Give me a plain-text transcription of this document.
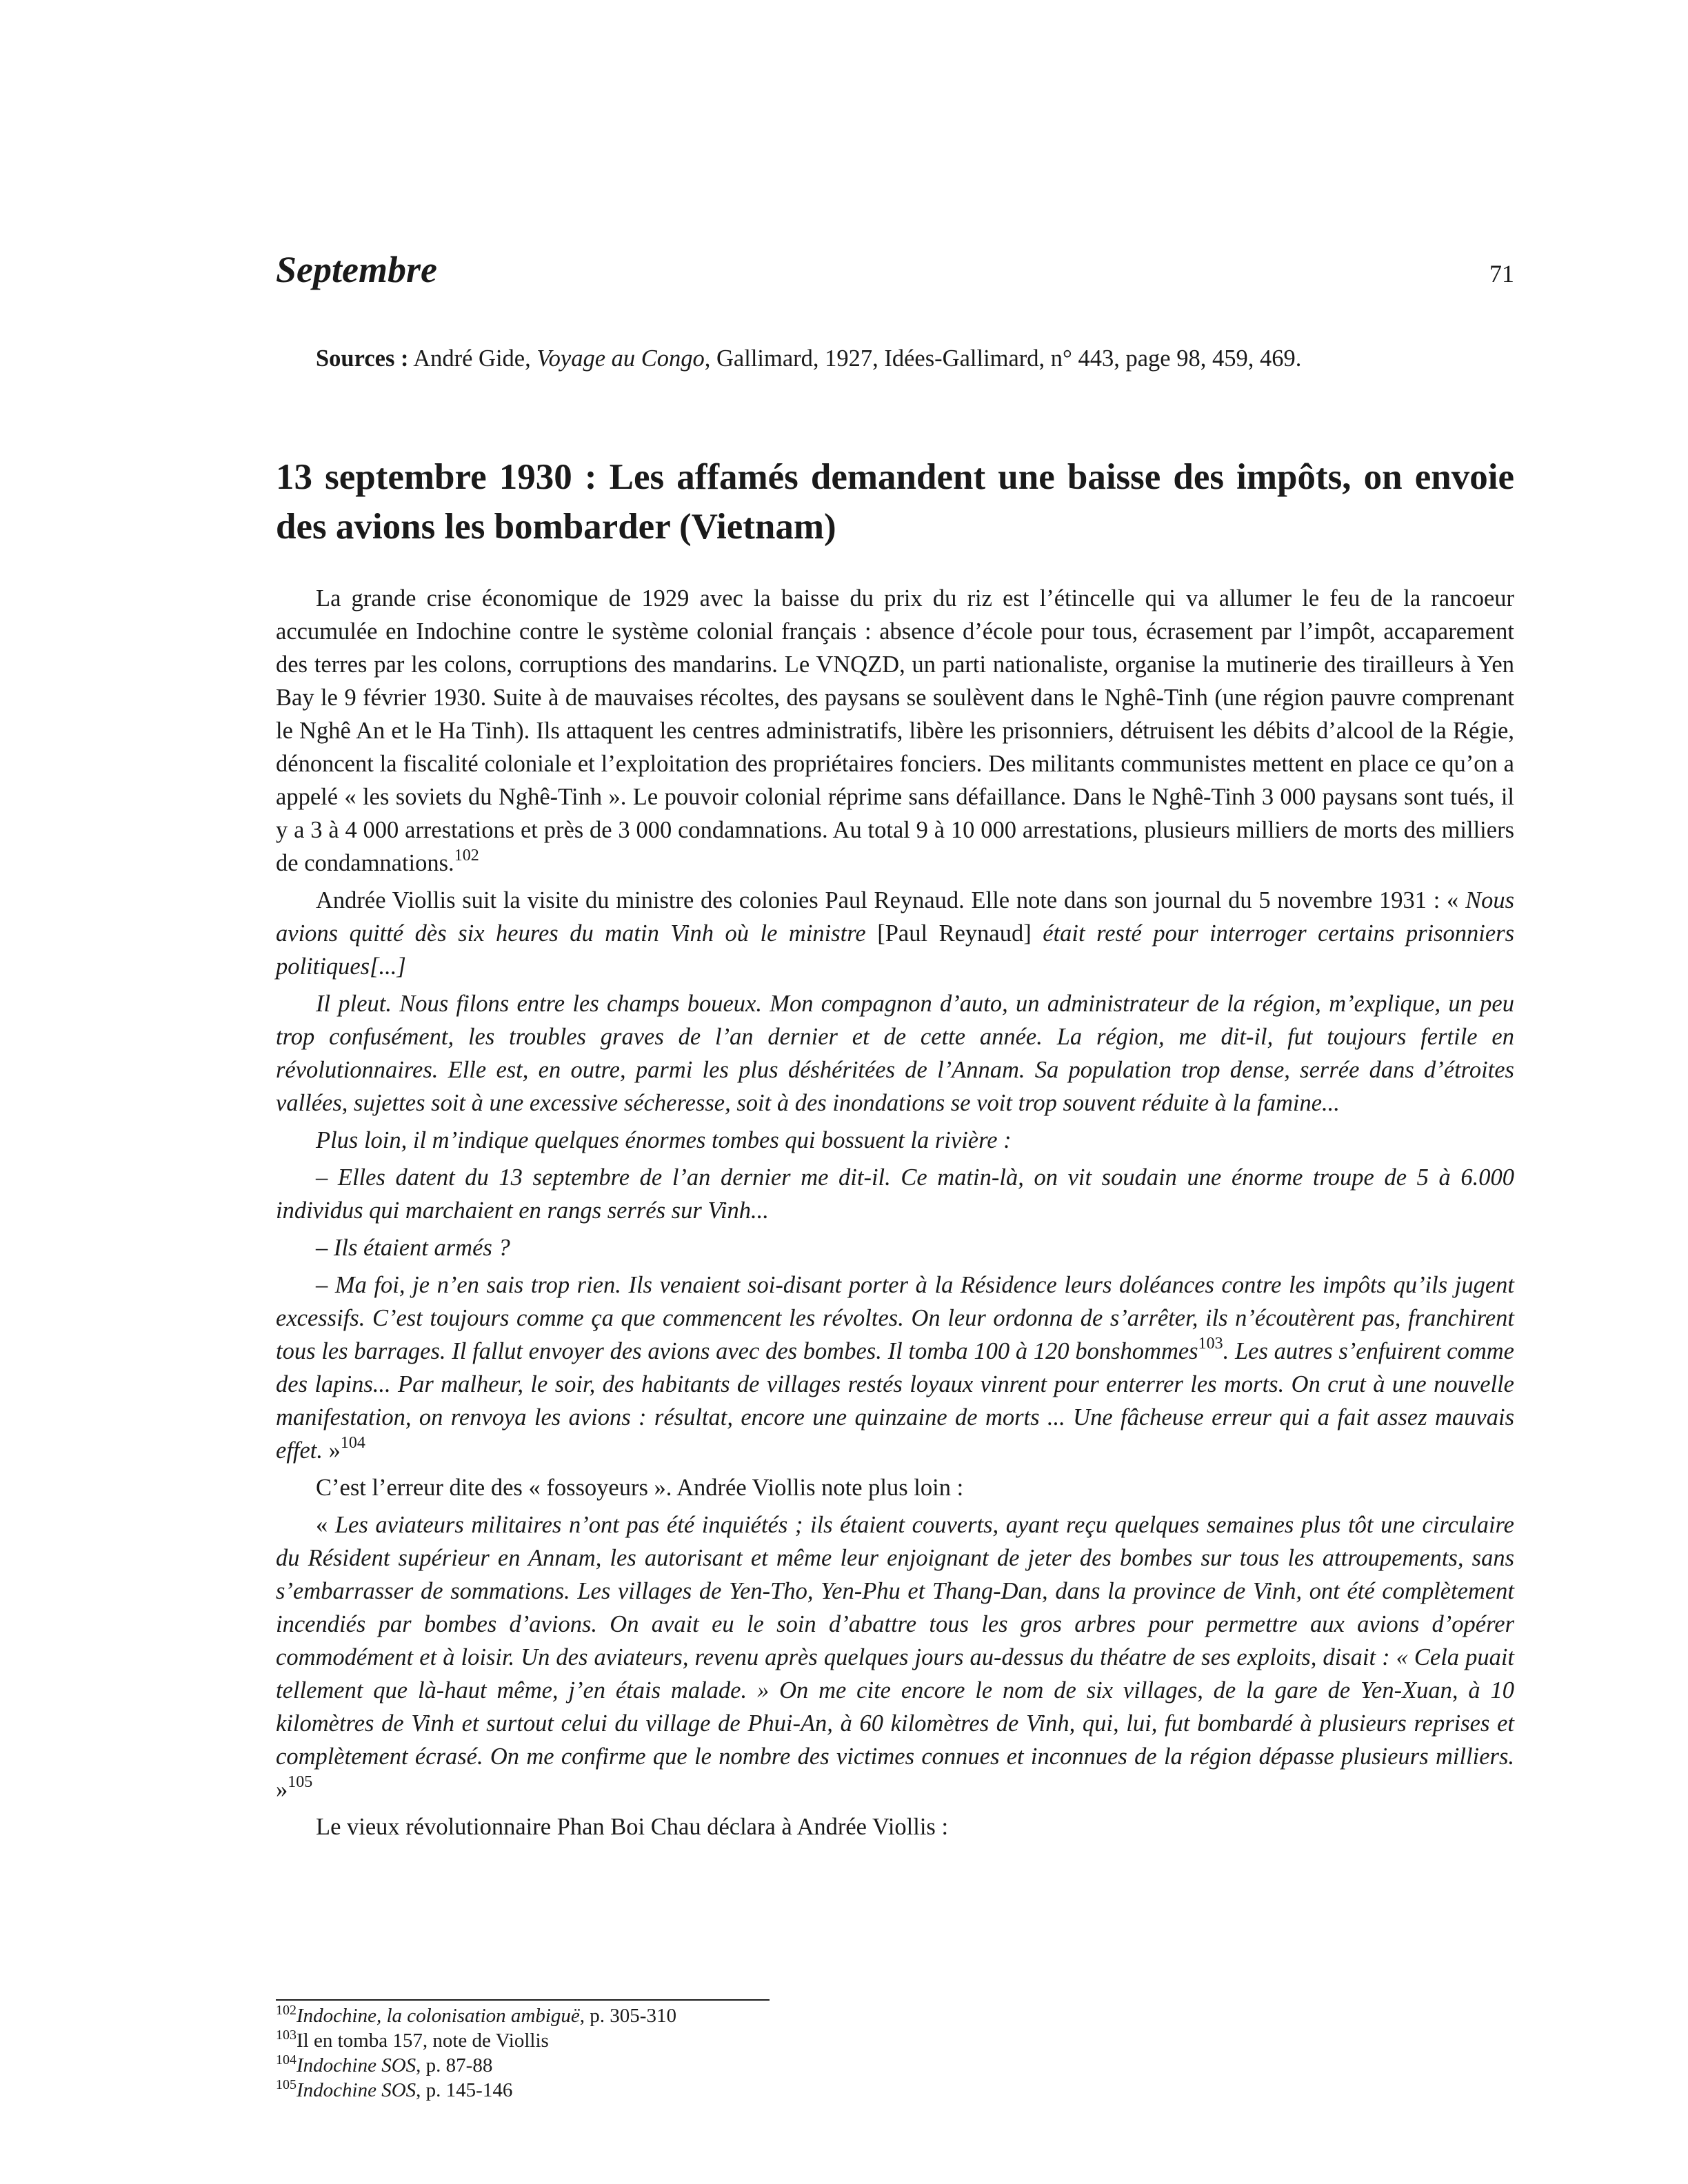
Septembre	71

Sources : André Gide, Voyage au Congo, Gallimard, 1927, Idées-Gallimard, n° 443, page 98, 459, 469.

13 septembre 1930 : Les affamés demandent une baisse des impôts, on envoie des avions les bombarder (Vietnam)

La grande crise économique de 1929 avec la baisse du prix du riz est l’étincelle qui va allumer le feu de la rancoeur accumulée en Indochine contre le système colonial français : absence d’école pour tous, écrasement par l’impôt, accaparement des terres par les colons, corruptions des mandarins. Le VNQZD, un parti nationaliste, organise la mutinerie des tirailleurs à Yen Bay le 9 février 1930. Suite à de mauvaises récoltes, des paysans se soulèvent dans le Nghê-Tinh (une région pauvre comprenant le Nghê An et le Ha Tinh). Ils attaquent les centres administratifs, libère les prisonniers, détruisent les débits d’alcool de la Régie, dénoncent la fiscalité coloniale et l’exploitation des propriétaires fonciers. Des militants communistes mettent en place ce qu’on a appelé « les soviets du Nghê-Tinh ». Le pouvoir colonial réprime sans défaillance. Dans le Nghê-Tinh 3 000 paysans sont tués, il y a 3 à 4 000 arrestations et près de 3 000 condamnations. Au total 9 à 10 000 arrestations, plusieurs milliers de morts des milliers de condamnations.$^{102}$

Andrée Viollis suit la visite du ministre des colonies Paul Reynaud. Elle note dans son journal du 5 novembre 1931 : « Nous avions quitté dès six heures du matin Vinh où le ministre [Paul Reynaud] était resté pour interroger certains prisonniers politiques[...]

Il pleut. Nous filons entre les champs boueux. Mon compagnon d’auto, un administrateur de la région, m’explique, un peu trop confusément, les troubles graves de l’an dernier et de cette année. La région, me dit-il, fut toujours fertile en révolutionnaires. Elle est, en outre, parmi les plus déshéritées de l’Annam. Sa population trop dense, serrée dans d’étroites vallées, sujettes soit à une excessive sécheresse, soit à des inondations se voit trop souvent réduite à la famine...

Plus loin, il m’indique quelques énormes tombes qui bossuent la rivière :

– Elles datent du 13 septembre de l’an dernier me dit-il. Ce matin-là, on vit soudain une énorme troupe de 5 à 6.000 individus qui marchaient en rangs serrés sur Vinh...

– Ils étaient armés ?

– Ma foi, je n’en sais trop rien. Ils venaient soi-disant porter à la Résidence leurs doléances contre les impôts qu’ils jugent excessifs. C’est toujours comme ça que commencent les révoltes. On leur ordonna de s’arrêter, ils n’écoutèrent pas, franchirent tous les barrages. Il fallut envoyer des avions avec des bombes. Il tomba 100 à 120 bonshommes$^{103}$. Les autres s’enfuirent comme des lapins... Par malheur, le soir, des habitants de villages restés loyaux vinrent pour enterrer les morts. On crut à une nouvelle manifestation, on renvoya les avions : résultat, encore une quinzaine de morts ... Une fâcheuse erreur qui a fait assez mauvais effet. »$^{104}$

C’est l’erreur dite des « fossoyeurs ». Andrée Viollis note plus loin :

« Les aviateurs militaires n’ont pas été inquiétés ; ils étaient couverts, ayant reçu quelques semaines plus tôt une circulaire du Résident supérieur en Annam, les autorisant et même leur enjoignant de jeter des bombes sur tous les attroupements, sans s’embarrasser de sommations. Les villages de Yen-Tho, Yen-Phu et Thang-Dan, dans la province de Vinh, ont été complètement incendiés par bombes d’avions. On avait eu le soin d’abattre tous les gros arbres pour permettre aux avions d’opérer commodément et à loisir. Un des aviateurs, revenu après quelques jours au-dessus du théatre de ses exploits, disait : « Cela puait tellement que là-haut même, j’en étais malade. » On me cite encore le nom de six villages, de la gare de Yen-Xuan, à 10 kilomètres de Vinh et surtout celui du village de Phui-An, à 60 kilomètres de Vinh, qui, lui, fut bombardé à plusieurs reprises et complètement écrasé. On me confirme que le nombre des victimes connues et inconnues de la région dépasse plusieurs milliers. »$^{105}$

Le vieux révolutionnaire Phan Boi Chau déclara à Andrée Viollis :

$^{102}$Indochine, la colonisation ambiguë, p. 305-310
$^{103}$Il en tomba 157, note de Viollis
$^{104}$Indochine SOS, p. 87-88
$^{105}$Indochine SOS, p. 145-146
